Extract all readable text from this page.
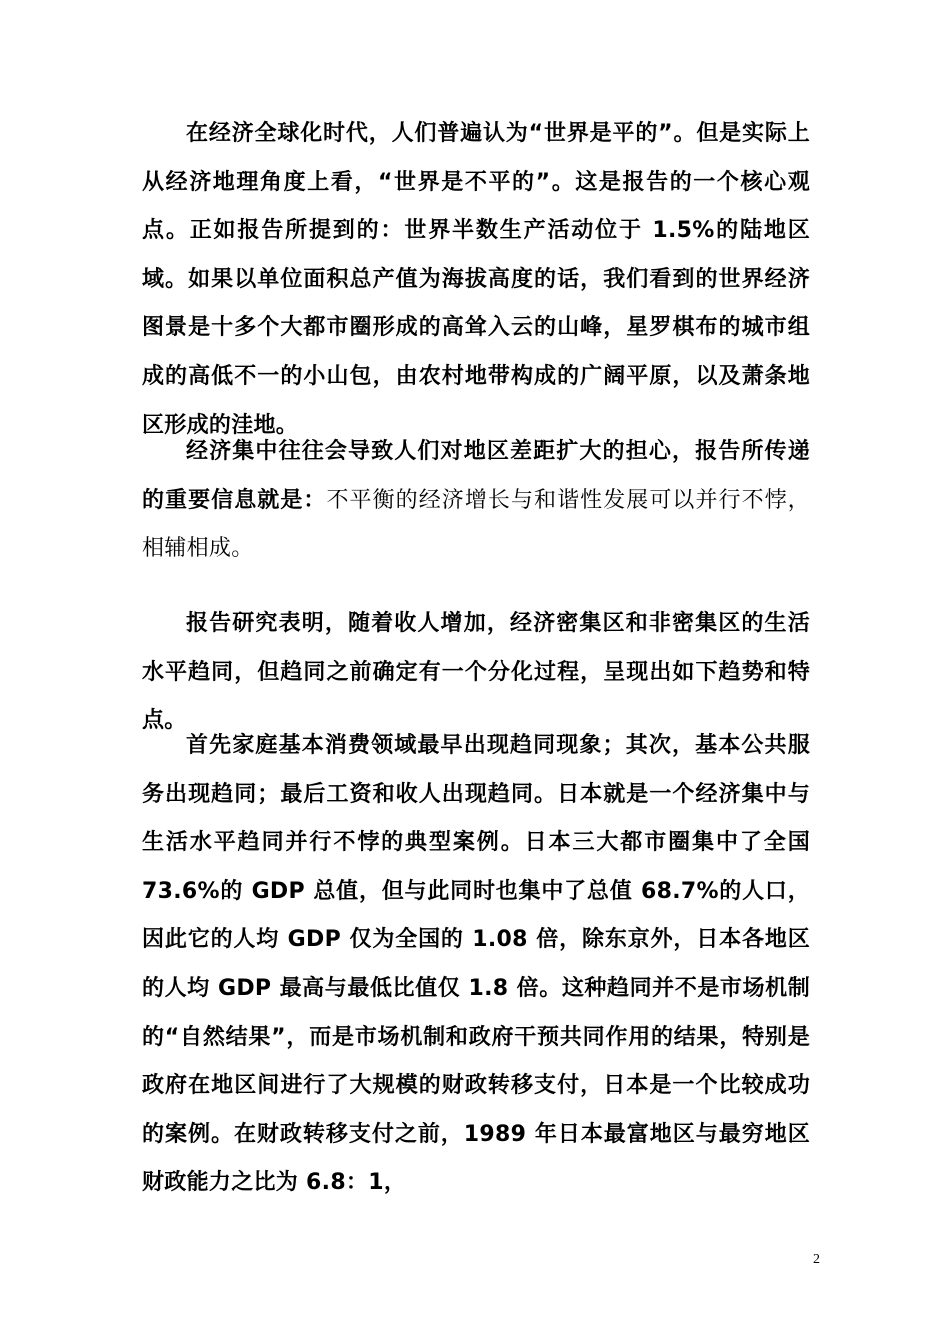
在经济全球化时代，人们普遍认为“世界是平的”。但是实际上从经济地理角度上看，“世界是不平的”。这是报告的一个核心观点。正如报告所提到的：世界半数生产活动位于 1.5%的陆地区域。如果以单位面积总产值为海拔高度的话，我们看到的世界经济图景是十多个大都市圈形成的高耸入云的山峰，星罗棋布的城市组成的高低不一的小山包，由农村地带构成的广阔平原，以及萧条地区形成的洼地。

经济集中往往会导致人们对地区差距扩大的担心，报告所传递的重要信息就是：不平衡的经济增长与和谐性发展可以并行不悖，相辅相成。

报告研究表明，随着收人增加，经济密集区和非密集区的生活水平趋同，但趋同之前确定有一个分化过程，呈现出如下趋势和特点。

首先家庭基本消费领域最早出现趋同现象；其次，基本公共服务出现趋同；最后工资和收人出现趋同。日本就是一个经济集中与生活水平趋同并行不悖的典型案例。日本三大都市圈集中了全国 73.6%的 GDP 总值，但与此同时也集中了总值 68.7%的人口，因此它的人均 GDP 仅为全国的 1.08 倍，除东京外，日本各地区的人均 GDP 最高与最低比值仅 1.8 倍。这种趋同并不是市场机制的“自然结果”，而是市场机制和政府干预共同作用的结果，特别是政府在地区间进行了大规模的财政转移支付，日本是一个比较成功的案例。在财政转移支付之前，1989 年日本最富地区与最穷地区财政能力之比为 6.8：1，

2
